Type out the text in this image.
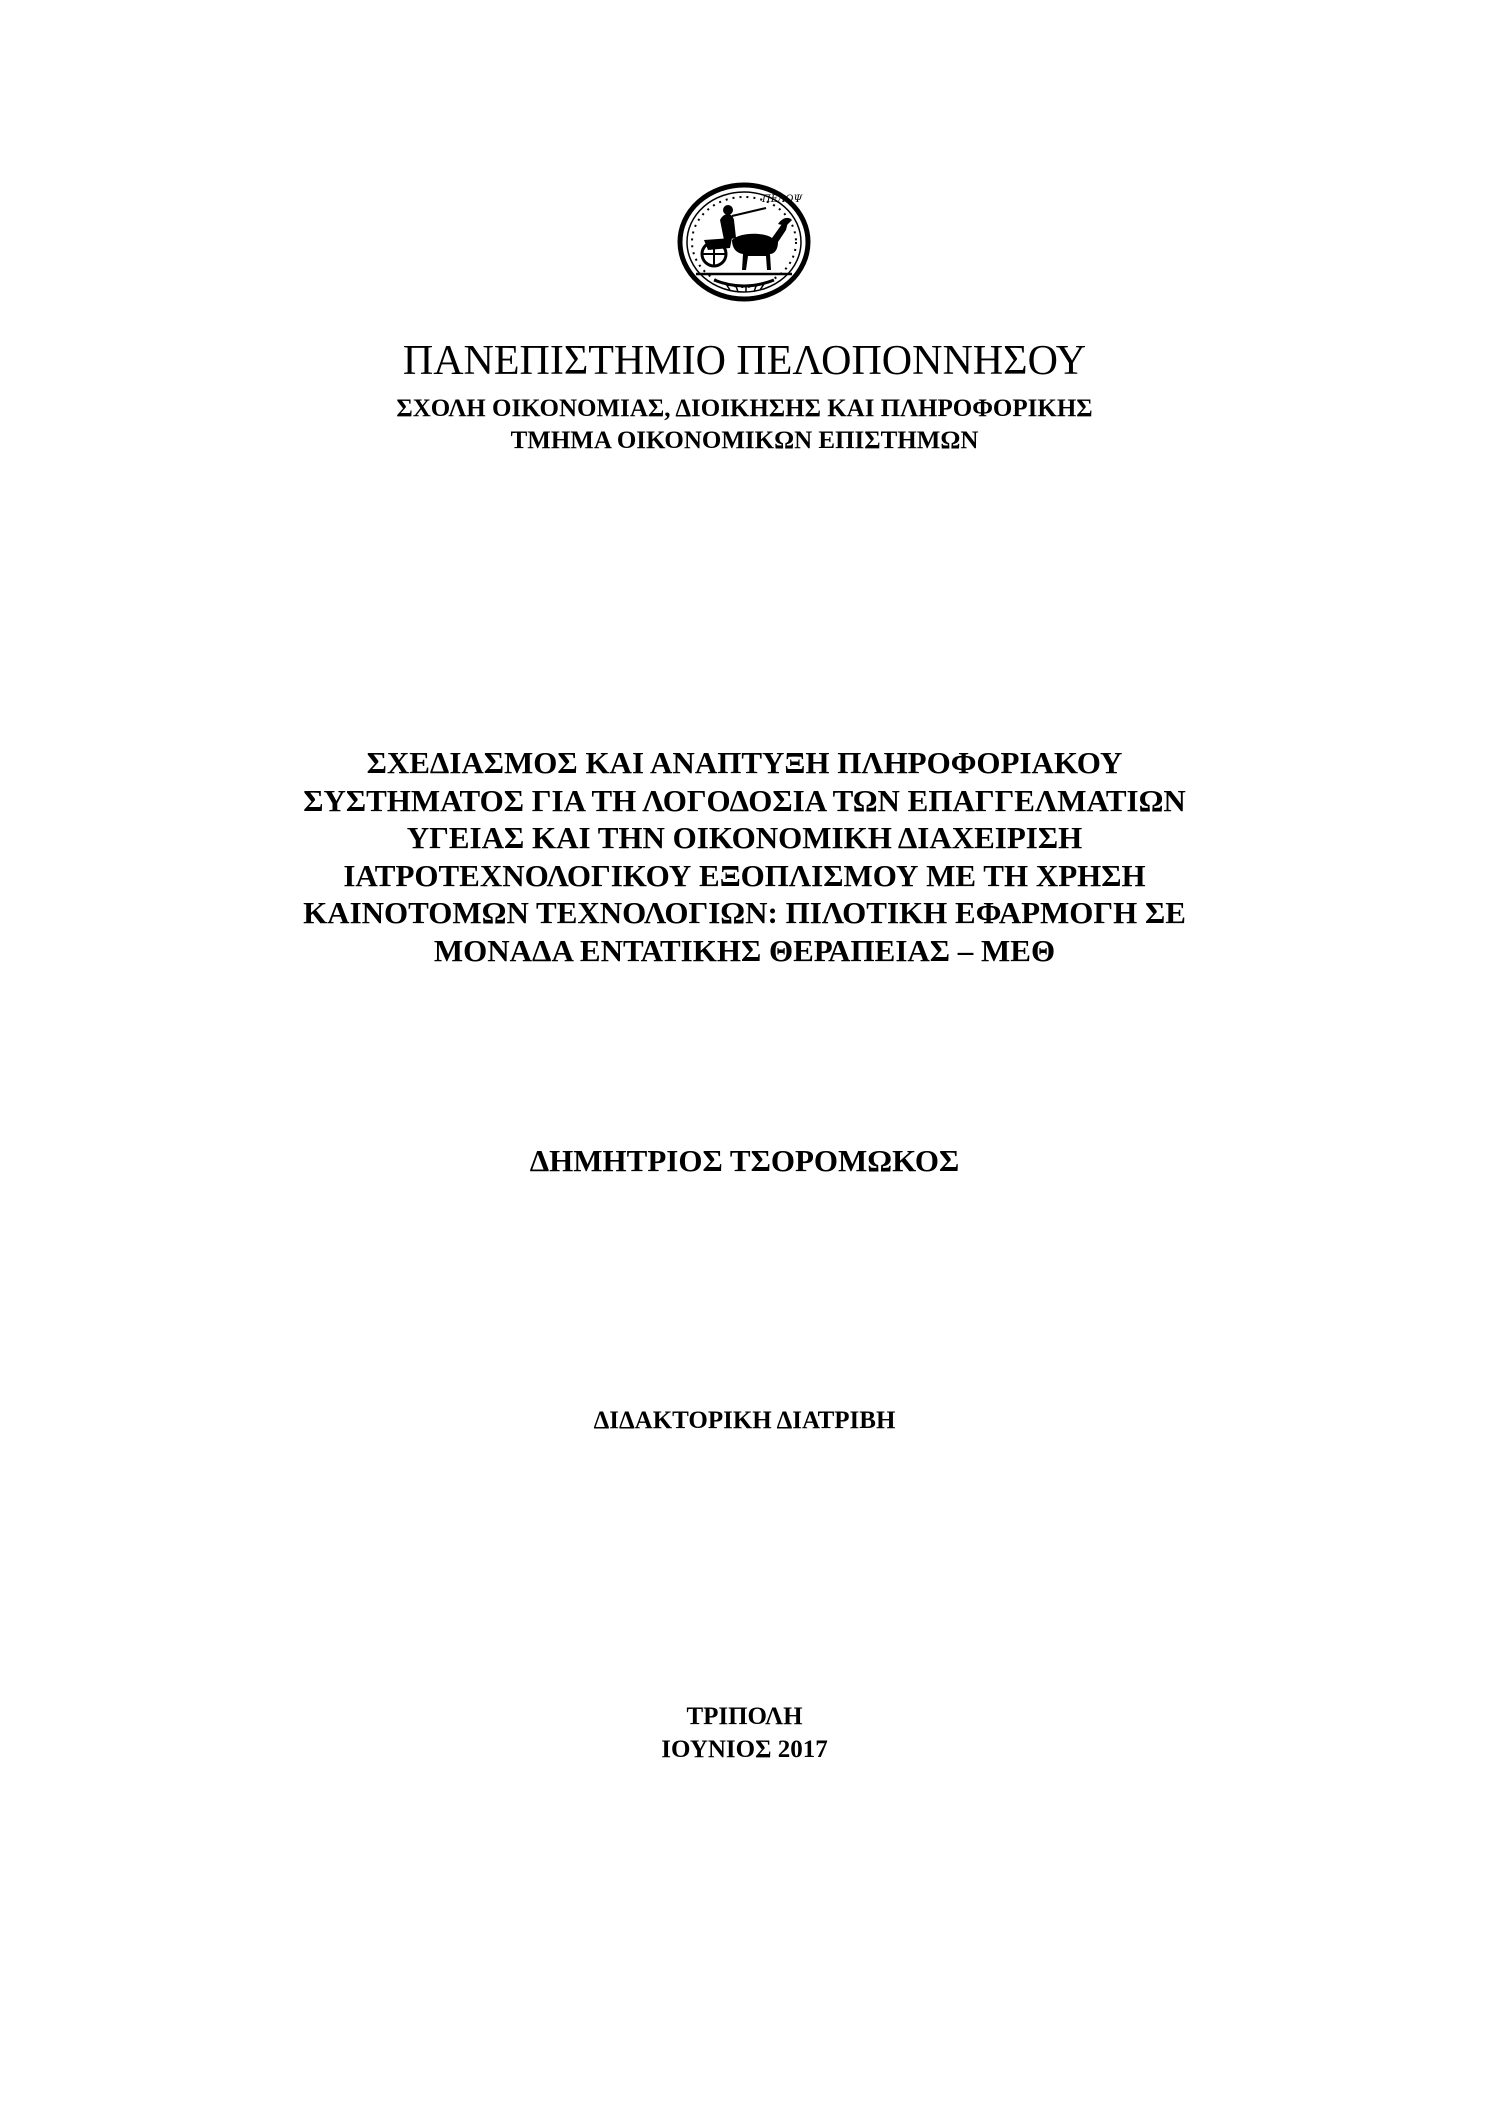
ΠΕΛΟΨ
ΠΑΝΕΠΙΣΤΗΜΙΟ ΠΕΛΟΠΟΝΝΗΣΟΥ
ΣΧΟΛΗ ΟΙΚΟΝΟΜΙΑΣ, ΔΙΟΙΚΗΣΗΣ ΚΑΙ ΠΛΗΡΟΦΟΡΙΚΗΣ
ΤΜΗΜΑ ΟΙΚΟΝΟΜΙΚΩΝ ΕΠΙΣΤΗΜΩΝ
ΣΧΕΔΙΑΣΜΟΣ ΚΑΙ ΑΝΑΠΤΥΞΗ ΠΛΗΡΟΦΟΡΙΑΚΟΥ
ΣΥΣΤΗΜΑΤΟΣ ΓΙΑ ΤΗ ΛΟΓΟΔΟΣΙΑ ΤΩΝ ΕΠΑΓΓΕΛΜΑΤΙΩΝ
ΥΓΕΙΑΣ ΚΑΙ ΤΗΝ ΟΙΚΟΝΟΜΙΚΗ ΔΙΑΧΕΙΡΙΣΗ
ΙΑΤΡΟΤΕΧΝΟΛΟΓΙΚΟΥ ΕΞΟΠΛΙΣΜΟΥ ΜΕ ΤΗ ΧΡΗΣΗ
ΚΑΙΝΟΤΟΜΩΝ ΤΕΧΝΟΛΟΓΙΩΝ: ΠΙΛΟΤΙΚΗ ΕΦΑΡΜΟΓΗ ΣΕ
ΜΟΝΑΔΑ ΕΝΤΑΤΙΚΗΣ ΘΕΡΑΠΕΙΑΣ – ΜΕΘ
ΔΗΜΗΤΡΙΟΣ ΤΣΟΡΟΜΩΚΟΣ
ΔΙΔΑΚΤΟΡΙΚΗ ΔΙΑΤΡΙΒΗ
ΤΡΙΠΟΛΗ
ΙΟΥΝΙΟΣ 2017
